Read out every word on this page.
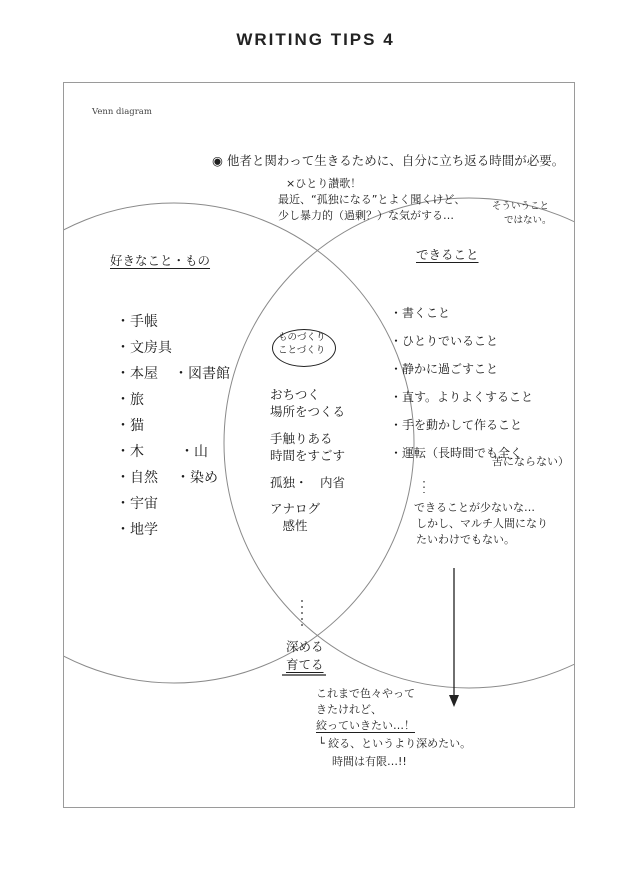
WRITING TIPS 4
Venn diagram
◉ 他者と関わって生きるために、自分に立ち返る時間が必要。
×ひとり讃歌！
最近、“孤独になる”とよく聞くけど、
少し暴力的（過剰？）な気がする…
そういうこと
ではない。
好きなこと・もの
・手帳
・文房具
・本屋 ・図書館
・旅
・猫
・木	・山
・自然 ・染め
・宇宙
・地学
ものづくり
ことづくり
おちつく
場所をつくる
手触りある
時間をすごす
孤独・　内省
アナログ
　感性
できること
・書くこと
・ひとりでいること
・静かに過ごすこと
・直す。よりよくすること
・手を動かして作ること
・運転（長時間でも全く
苦にならない）
できることが少ないな…
しかし、マルチ人間になり
たいわけでもない。
深める
育てる
これまで色々やって
きたけれど、
絞っていきたい…！
└ 絞る、というより深めたい。
時間は有限…!!
